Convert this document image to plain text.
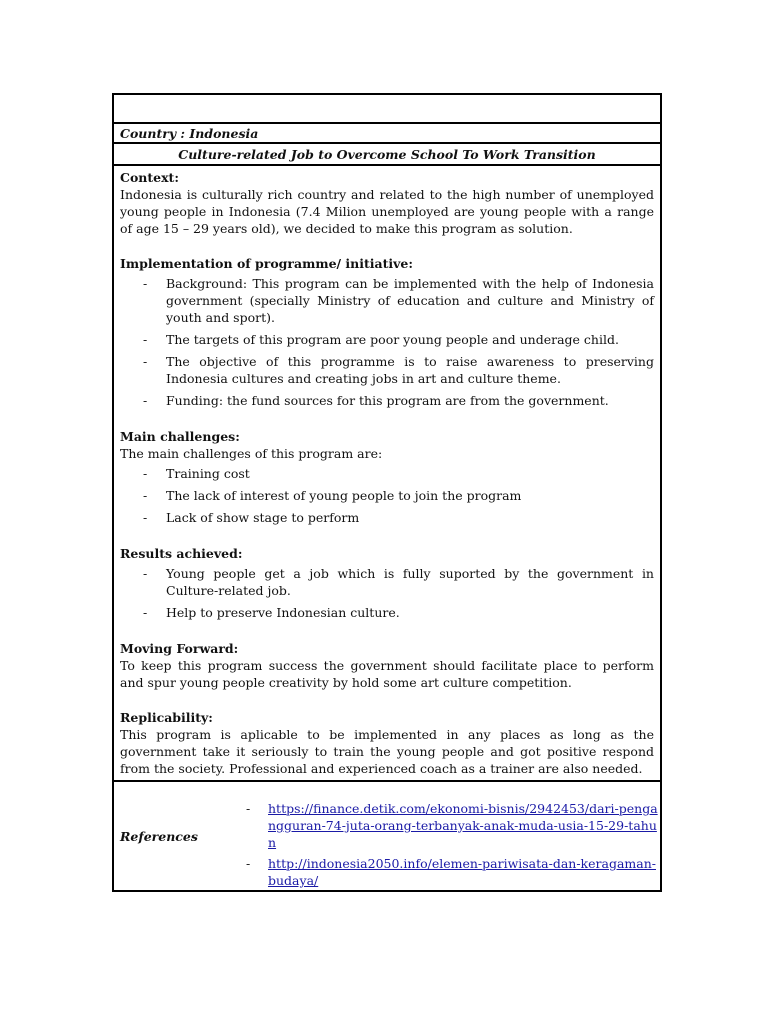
Country : Indonesia
Culture-related Job to Overcome School To Work Transition
Context:
Indonesia is culturally rich country and related to the high number of unemployed young people in Indonesia (7.4 Milion unemployed are young people with a range of age 15 – 29 years old), we decided to make this program as solution.
Implementation of programme/ initiative:
- Background: This program can be implemented with the help of Indonesia government (specially Ministry of education and culture and Ministry of youth and sport).
- The targets of this program are poor young people and underage child.
- The objective of this programme is to raise awareness to preserving Indonesia cultures and creating jobs in art and culture theme.
- Funding: the fund sources for this program are from the government.
Main challenges:
The main challenges of this program are:
- Training cost
- The lack of interest of young people to join the program
- Lack of show stage to perform
Results achieved:
- Young people get a job which is fully suported by the government in Culture-related job.
- Help to preserve Indonesian culture.
Moving Forward:
To keep this program success the government should facilitate place to perform and spur young people creativity by hold some art culture competition.
Replicability:
This program is aplicable to be implemented in any places as long as the government take it seriously to train the young people and got positive respond from the society. Professional and experienced coach as a trainer are also needed.
References
- https://finance.detik.com/ekonomi-bisnis/2942453/dari-pengangguran-74-juta-orang-terbanyak-anak-muda-usia-15-29-tahun
- http://indonesia2050.info/elemen-pariwisata-dan-keragaman-budaya/
